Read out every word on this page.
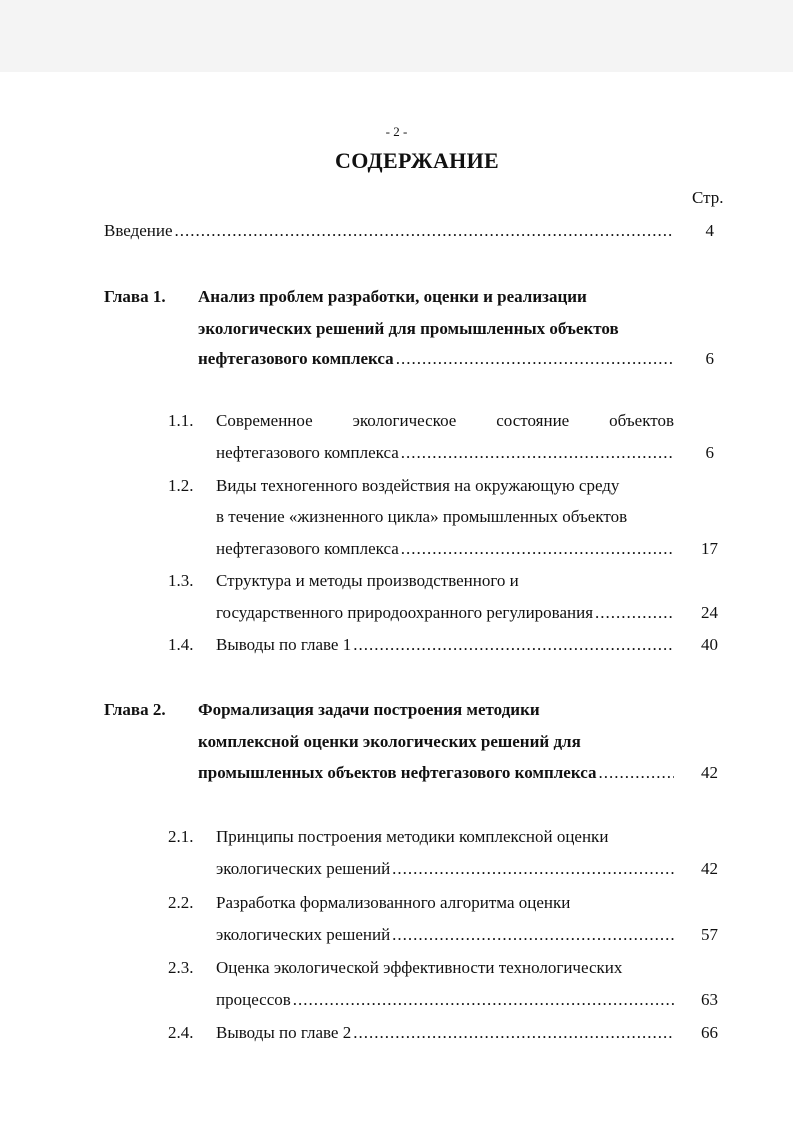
- 2 -
СОДЕРЖАНИЕ
Стр.
Введение .....	4
Глава 1. Анализ проблем разработки, оценки и реализации
экологических решений для промышленных объектов
нефтегазового комплекса .....	6
1.1. Современное экологическое состояние объектов
нефтегазового комплекса .....	6
1.2. Виды техногенного воздействия на окружающую среду
в течение «жизненного цикла» промышленных объектов
нефтегазового комплекса .....	17
1.3. Структура и методы производственного и
государственного природоохранного регулирования .....	24
1.4. Выводы по главе 1 .....	40
Глава 2. Формализация задачи построения методики
комплексной оценки экологических решений для
промышленных объектов нефтегазового комплекса .....	42
2.1. Принципы построения методики комплексной оценки
экологических решений .....	42
2.2. Разработка формализованного алгоритма оценки
экологических решений .....	57
2.3. Оценка экологической эффективности технологических
процессов .....	63
2.4. Выводы по главе 2 .....	66
